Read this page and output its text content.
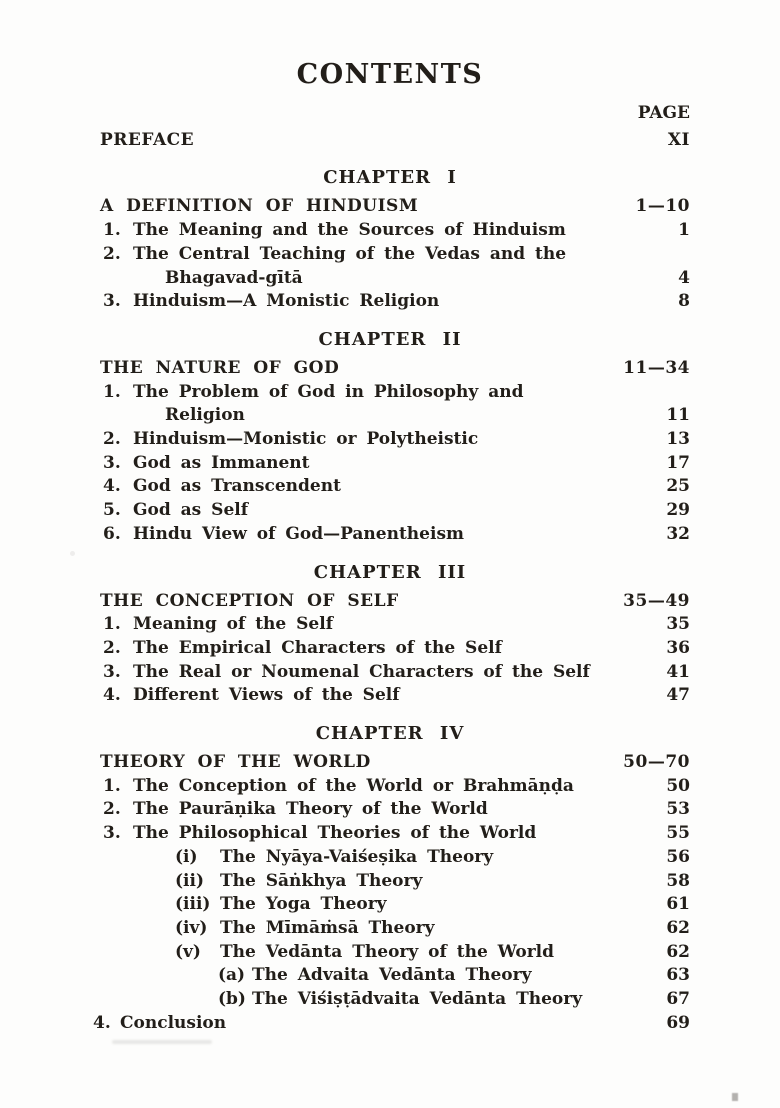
CONTENTS
PAGE
PREFACE	XI
CHAPTER I
A DEFINITION OF HINDUISM	1—10
1. The Meaning and the Sources of Hinduism	1
2. The Central Teaching of the Vedas and the
Bhagavad-gītā	4
3. Hinduism—A Monistic Religion	8
CHAPTER II
THE NATURE OF GOD	11—34
1. The Problem of God in Philosophy and
Religion	11
2. Hinduism—Monistic or Polytheistic	13
3. God as Immanent	17
4. God as Transcendent	25
5. God as Self	29
6. Hindu View of God—Panentheism	32
CHAPTER III
THE CONCEPTION OF SELF	35—49
1. Meaning of the Self	35
2. The Empirical Characters of the Self	36
3. The Real or Noumenal Characters of the Self	41
4. Different Views of the Self	47
CHAPTER IV
THEORY OF THE WORLD	50—70
1. The Conception of the World or Brahmāṇḍa	50
2. The Paurāṇika Theory of the World	53
3. The Philosophical Theories of the World	55
(i)	The Nyāya-Vaiśeṣika Theory	56
(ii) The Sāṅkhya Theory	58
(iii) The Yoga Theory	61
(iv) The Mīmāṁsā Theory	62
(v)	The Vedānta Theory of the World	62
(a) The Advaita Vedānta Theory	63
(b) The Viśiṣṭādvaita Vedānta Theory	67
4. Conclusion	69
